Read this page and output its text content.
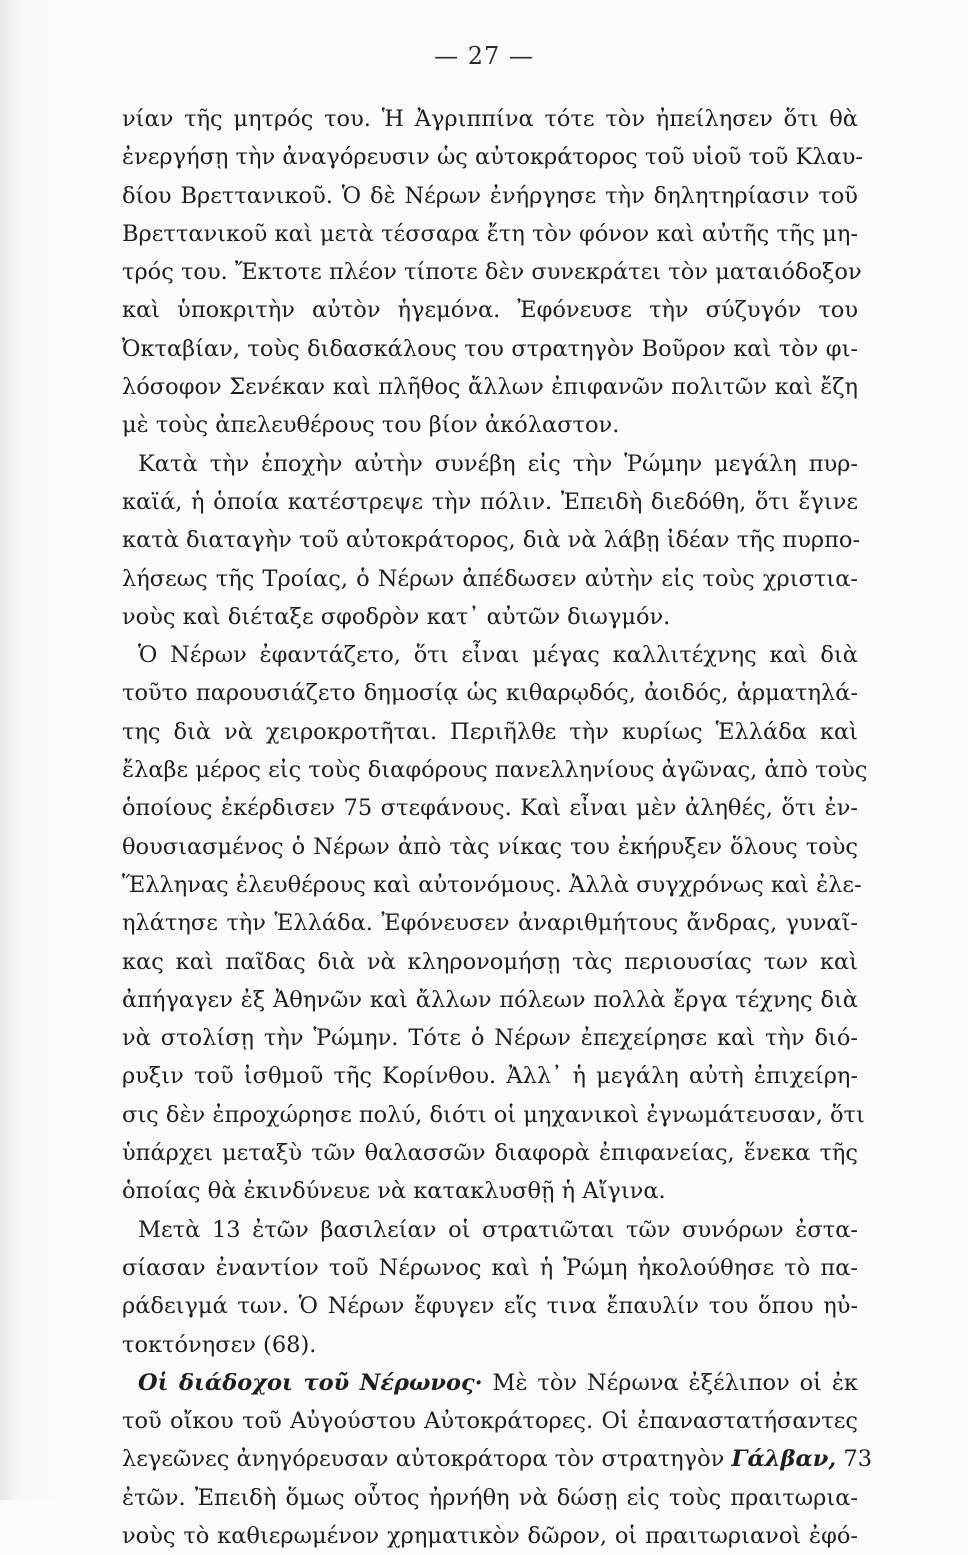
— 27 —
νίαν τῆς μητρός του. Ἡ Ἀγριππίνα τότε τὸν ἠπείλησεν ὅτι θὰ
ἐνεργήσῃ τὴν ἀναγόρευσιν ὡς αὐτοκράτορος τοῦ υἱοῦ τοῦ Κλαυ-
δίου Βρεττανικοῦ. Ὁ δὲ Νέρων ἐνήργησε τὴν δηλητηρίασιν τοῦ
Βρεττανικοῦ καὶ μετὰ τέσσαρα ἔτη τὸν φόνον καὶ αὐτῆς τῆς μη-
τρός του. Ἔκτοτε πλέον τίποτε δὲν συνεκράτει τὸν ματαιόδοξον
καὶ ὑποκριτὴν αὐτὸν ἡγεμόνα. Ἐφόνευσε τὴν σύζυγόν του
Ὀκταβίαν, τοὺς διδασκάλους του στρατηγὸν Βοῦρον καὶ τὸν φι-
λόσοφον Σενέκαν καὶ πλῆθος ἄλλων ἐπιφανῶν πολιτῶν καὶ ἔζη
μὲ τοὺς ἀπελευθέρους του βίον ἀκόλαστον.
Κατὰ τὴν ἐποχὴν αὐτὴν συνέβη εἰς τὴν Ῥώμην μεγάλη πυρ-
καϊά, ἡ ὁποία κατέστρεψε τὴν πόλιν. Ἐπειδὴ διεδόθη, ὅτι ἔγινε
κατὰ διαταγὴν τοῦ αὐτοκράτορος, διὰ νὰ λάβῃ ἰδέαν τῆς πυρπο-
λήσεως τῆς Τροίας, ὁ Νέρων ἀπέδωσεν αὐτὴν εἰς τοὺς χριστια-
νοὺς καὶ διέταξε σφοδρὸν κατ᾽ αὐτῶν διωγμόν.
Ὁ Νέρων ἐφαντάζετο, ὅτι εἶναι μέγας καλλιτέχνης καὶ διὰ
τοῦτο παρουσιάζετο δημοσίᾳ ὡς κιθαρῳδός, ἀοιδός, ἁρματηλά-
της διὰ νὰ χειροκροτῆται. Περιῆλθε τὴν κυρίως Ἑλλάδα καὶ
ἔλαβε μέρος εἰς τοὺς διαφόρους πανελληνίους ἀγῶνας, ἀπὸ τοὺς
ὁποίους ἐκέρδισεν 75 στεφάνους. Καὶ εἶναι μὲν ἀληθές, ὅτι ἐν-
θουσιασμένος ὁ Νέρων ἀπὸ τὰς νίκας του ἐκήρυξεν ὅλους τοὺς
Ἕλληνας ἐλευθέρους καὶ αὐτονόμους. Ἀλλὰ συγχρόνως καὶ ἐλε-
ηλάτησε τὴν Ἑλλάδα. Ἐφόνευσεν ἀναριθμήτους ἄνδρας, γυναῖ-
κας καὶ παῖδας διὰ νὰ κληρονομήσῃ τὰς περιουσίας των καὶ
ἀπήγαγεν ἐξ Ἀθηνῶν καὶ ἄλλων πόλεων πολλὰ ἔργα τέχνης διὰ
νὰ στολίσῃ τὴν Ῥώμην. Τότε ὁ Νέρων ἐπεχείρησε καὶ τὴν διό-
ρυξιν τοῦ ἰσθμοῦ τῆς Κορίνθου. Ἀλλ᾽ ἡ μεγάλη αὐτὴ ἐπιχείρη-
σις δὲν ἐπροχώρησε πολύ, διότι οἱ μηχανικοὶ ἐγνωμάτευσαν, ὅτι
ὑπάρχει μεταξὺ τῶν θαλασσῶν διαφορὰ ἐπιφανείας, ἕνεκα τῆς
ὁποίας θὰ ἐκινδύνευε νὰ κατακλυσθῇ ἡ Αἴγινα.
Μετὰ 13 ἐτῶν βασιλείαν οἱ στρατιῶται τῶν συνόρων ἐστα-
σίασαν ἐναντίον τοῦ Νέρωνος καὶ ἡ Ῥώμη ἠκολούθησε τὸ πα-
ράδειγμά των. Ὁ Νέρων ἔφυγεν εἴς τινα ἔπαυλίν του ὅπου ηὐ-
τοκτόνησεν (68).
Οἱ διάδοχοι τοῦ Νέρωνος· Μὲ τὸν Νέρωνα ἐξέλιπον οἱ ἐκ
τοῦ οἴκου τοῦ Αὐγούστου Αὐτοκράτορες. Οἱ ἐπαναστατήσαντες
λεγεῶνες ἀνηγόρευσαν αὐτοκράτορα τὸν στρατηγὸν Γάλβαν, 73
ἐτῶν. Ἐπειδὴ ὅμως οὗτος ἠρνήθη νὰ δώσῃ εἰς τοὺς πραιτωρια-
νοὺς τὸ καθιερωμένον χρηματικὸν δῶρον, οἱ πραιτωριανοὶ ἐφό-
